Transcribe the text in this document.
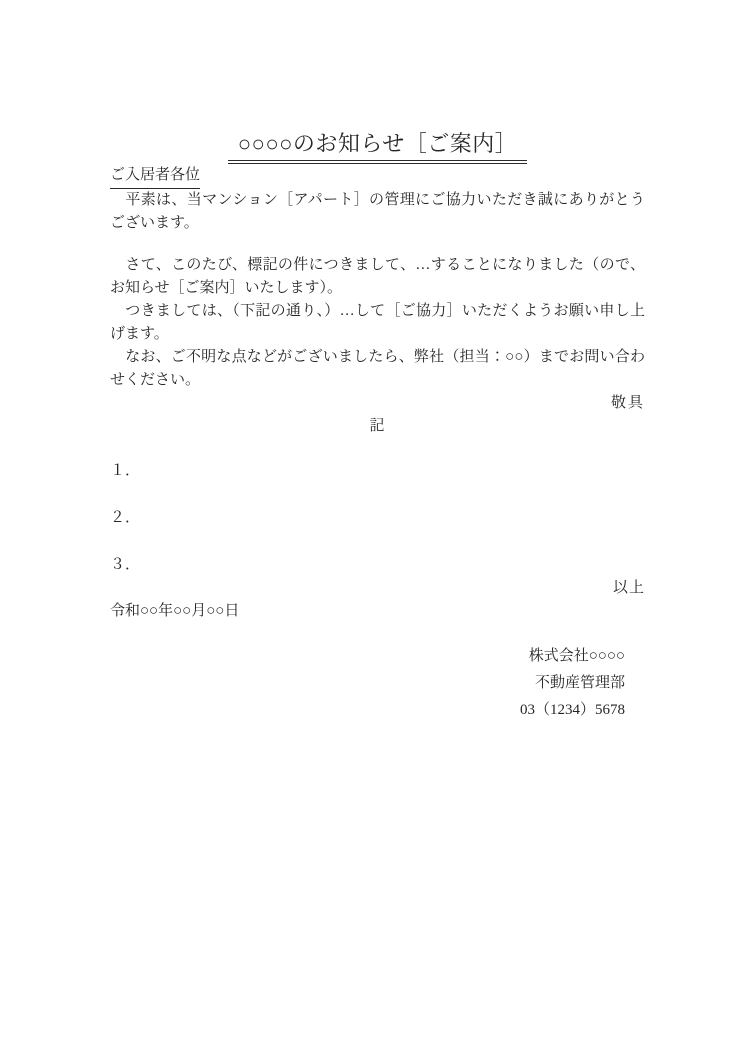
○○○○のお知らせ［ご案内］

ご入居者各位

　平素は、当マンション［アパート］の管理にご協力いただき誠にありがとうございます。

　さて、このたび、標記の件につきまして、…することになりました（ので、お知らせ［ご案内］いたします）。

　つきましては、（下記の通り、）…して［ご協力］いただくようお願い申し上げます。

　なお、ご不明な点などがございましたら、弊社（担当：○○）までお問い合わせください。

敬具

記

１．
２．
３．

以上

令和○○年○○月○○日

株式会社○○○○

不動産管理部

03（1234）5678
